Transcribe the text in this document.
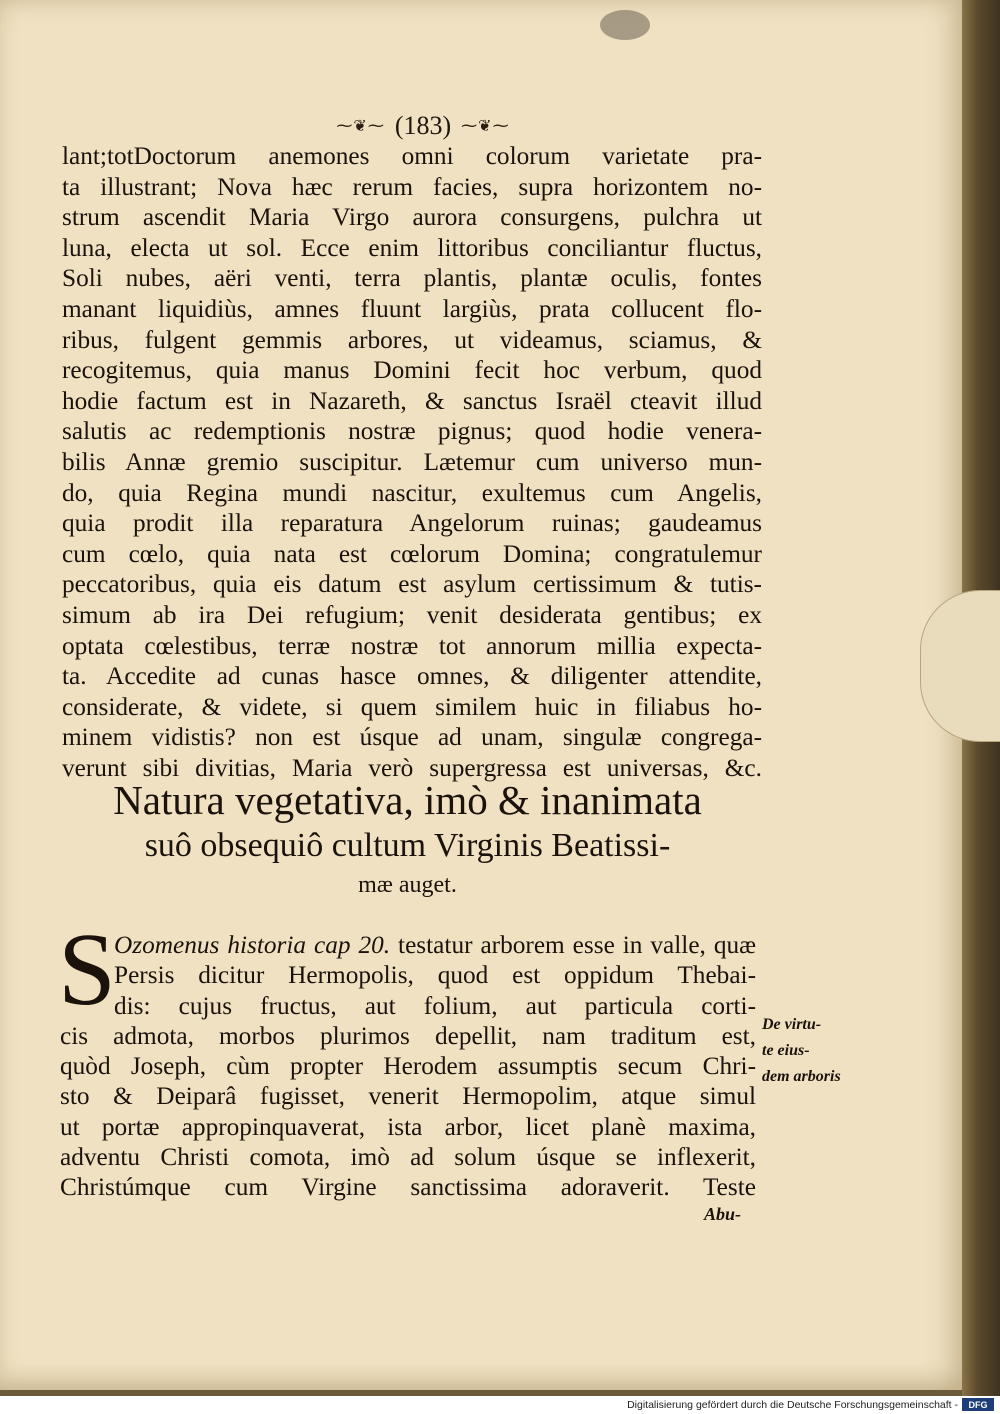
⁓❦⁓ (183) ⁓❦⁓
lant;totDoctorum anemones omni colorum varietate pra-
ta illustrant; Nova hæc rerum facies, supra horizontem no-
strum ascendit Maria Virgo aurora consurgens, pulchra ut
luna, electa ut sol. Ecce enim littoribus conciliantur fluctus,
Soli nubes, aëri venti, terra plantis, plantæ oculis, fontes
manant liquidiùs, amnes fluunt largiùs, prata collucent flo-
ribus, fulgent gemmis arbores, ut videamus, sciamus, &
recogitemus, quia manus Domini fecit hoc verbum, quod
hodie factum est in Nazareth, & sanctus Israël cteavit illud
salutis ac redemptionis nostræ pignus; quod hodie venera-
bilis Annæ gremio suscipitur. Lætemur cum universo mun-
do, quia Regina mundi nascitur, exultemus cum Angelis,
quia prodit illa reparatura Angelorum ruinas; gaudeamus
cum cœlo, quia nata est cœlorum Domina; congratulemur
peccatoribus, quia eis datum est asylum certissimum & tutis-
simum ab ira Dei refugium; venit desiderata gentibus; ex
optata cœlestibus, terræ nostræ tot annorum millia expecta-
ta. Accedite ad cunas hasce omnes, & diligenter attendite,
considerate, & videte, si quem similem huic in filiabus ho-
minem vidistis? non est úsque ad unam, singulæ congrega-
verunt sibi divitias, Maria verò supergressa est universas, &c.
Natura vegetativa, imò & inanimata
suô obsequiô cultum Virginis Beatissi-
mæ auget.
S
Ozomenus historia cap 20. testatur arborem esse in valle, quæ
Persis dicitur Hermopolis, quod est oppidum Thebai-
dis: cujus fructus, aut folium, aut particula corti-
cis admota, morbos plurimos depellit, nam traditum est,
quòd Joseph, cùm propter Herodem assumptis secum Chri-
sto & Deiparâ fugisset, venerit Hermopolim, atque simul
ut portæ appropinquaverat, ista arbor, licet planè maxima,
adventu Christi comota, imò ad solum úsque se inflexerit,
Christúmque cum Virgine sanctissima adoraverit. Teste
Abu-
De virtu-
te eius-
dem arboris
Digitalisierung gefördert durch die Deutsche Forschungsgemeinschaft -	DFG
